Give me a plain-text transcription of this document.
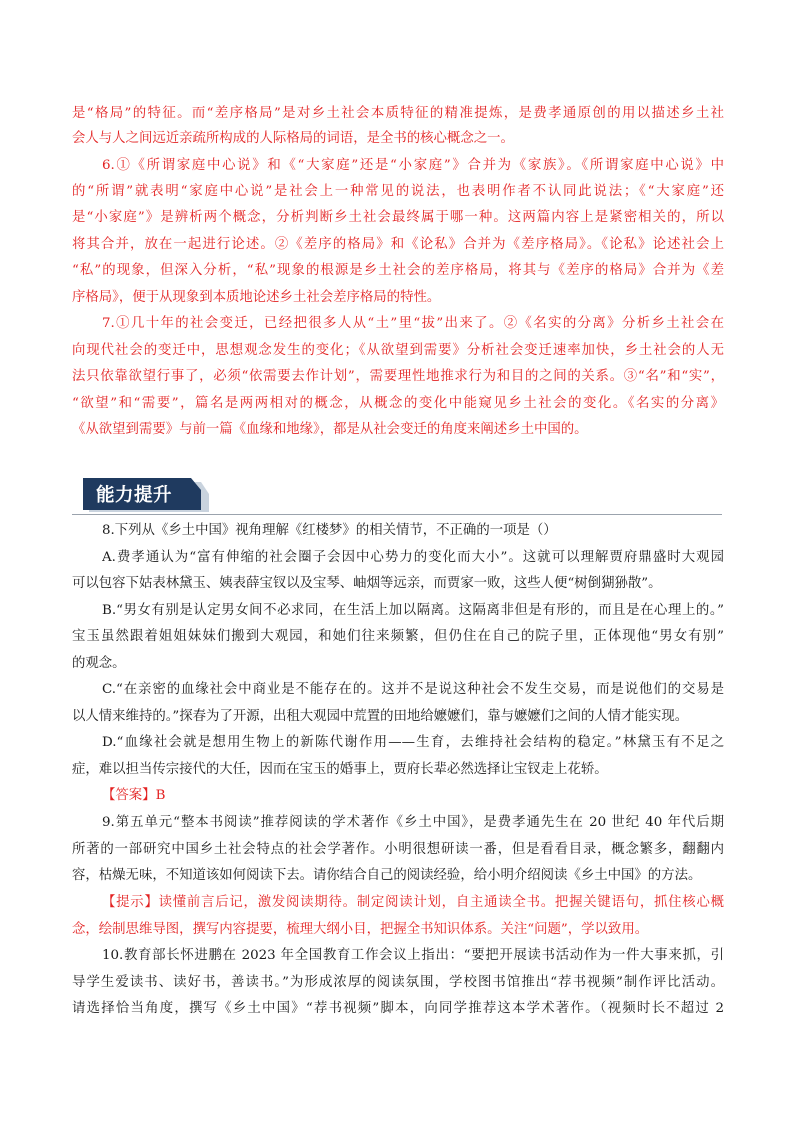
是“格局”的特征。而“差序格局”是对乡土社会本质特征的精准提炼，是费孝通原创的用以描述乡土社
会人与人之间远近亲疏所构成的人际格局的词语，是全书的核心概念之一。
6.①《所谓家庭中心说》和《“大家庭”还是“小家庭”》合并为《家族》。《所谓家庭中心说》中
的“所谓”就表明“家庭中心说”是社会上一种常见的说法，也表明作者不认同此说法；《“大家庭”还
是“小家庭”》是辨析两个概念，分析判断乡土社会最终属于哪一种。这两篇内容上是紧密相关的，所以
将其合并，放在一起进行论述。②《差序的格局》和《论私》合并为《差序格局》。《论私》论述社会上
“私”的现象，但深入分析，“私”现象的根源是乡土社会的差序格局，将其与《差序的格局》合并为《差
序格局》，便于从现象到本质地论述乡土社会差序格局的特性。
7.①几十年的社会变迁，已经把很多人从“土”里“拔”出来了。②《名实的分离》分析乡土社会在
向现代社会的变迁中，思想观念发生的变化；《从欲望到需要》分析社会变迁速率加快，乡土社会的人无
法只依靠欲望行事了，必须“依需要去作计划”，需要理性地推求行为和目的之间的关系。③“名”和“实”，
“欲望”和“需要”，篇名是两两相对的概念，从概念的变化中能窥见乡土社会的变化。《名实的分离》
《从欲望到需要》与前一篇《血缘和地缘》，都是从社会变迁的角度来阐述乡土中国的。
能力提升
8.下列从《乡土中国》视角理解《红楼梦》的相关情节，不正确的一项是（）
A.费孝通认为“富有伸缩的社会圈子会因中心势力的变化而大小”。这就可以理解贾府鼎盛时大观园
可以包容下姑表林黛玉、姨表薛宝钗以及宝琴、岫烟等远亲，而贾家一败，这些人便“树倒猢狲散”。
B.“男女有别是认定男女间不必求同，在生活上加以隔离。这隔离非但是有形的，而且是在心理上的。”
宝玉虽然跟着姐姐妹妹们搬到大观园，和她们往来频繁，但仍住在自己的院子里，正体现他“男女有别”
的观念。
C.“在亲密的血缘社会中商业是不能存在的。这并不是说这种社会不发生交易，而是说他们的交易是
以人情来维持的。”探春为了开源，出租大观园中荒置的田地给嬷嬷们，靠与嬷嬷们之间的人情才能实现。
D.“血缘社会就是想用生物上的新陈代谢作用——生育，去维持社会结构的稳定。”林黛玉有不足之
症，难以担当传宗接代的大任，因而在宝玉的婚事上，贾府长辈必然选择让宝钗走上花轿。
【答案】B
9.第五单元“整本书阅读”推荐阅读的学术著作《乡土中国》，是费孝通先生在 20 世纪 40 年代后期
所著的一部研究中国乡土社会特点的社会学著作。小明很想研读一番，但是看看目录，概念繁多，翻翻内
容，枯燥无味，不知道该如何阅读下去。请你结合自己的阅读经验，给小明介绍阅读《乡土中国》的方法。
【提示】读懂前言后记，激发阅读期待。制定阅读计划，自主通读全书。把握关键语句，抓住核心概
念，绘制思维导图，撰写内容提要，梳理大纲小目，把握全书知识体系。关注“问题”，学以致用。
10.教育部长怀进鹏在 2023 年全国教育工作会议上指出：“要把开展读书活动作为一件大事来抓，引
导学生爱读书、读好书，善读书。”为形成浓厚的阅读氛围，学校图书馆推出“荐书视频”制作评比活动。
请选择恰当角度，撰写《乡土中国》“荐书视频”脚本，向同学推荐这本学术著作。（视频时长不超过 2
